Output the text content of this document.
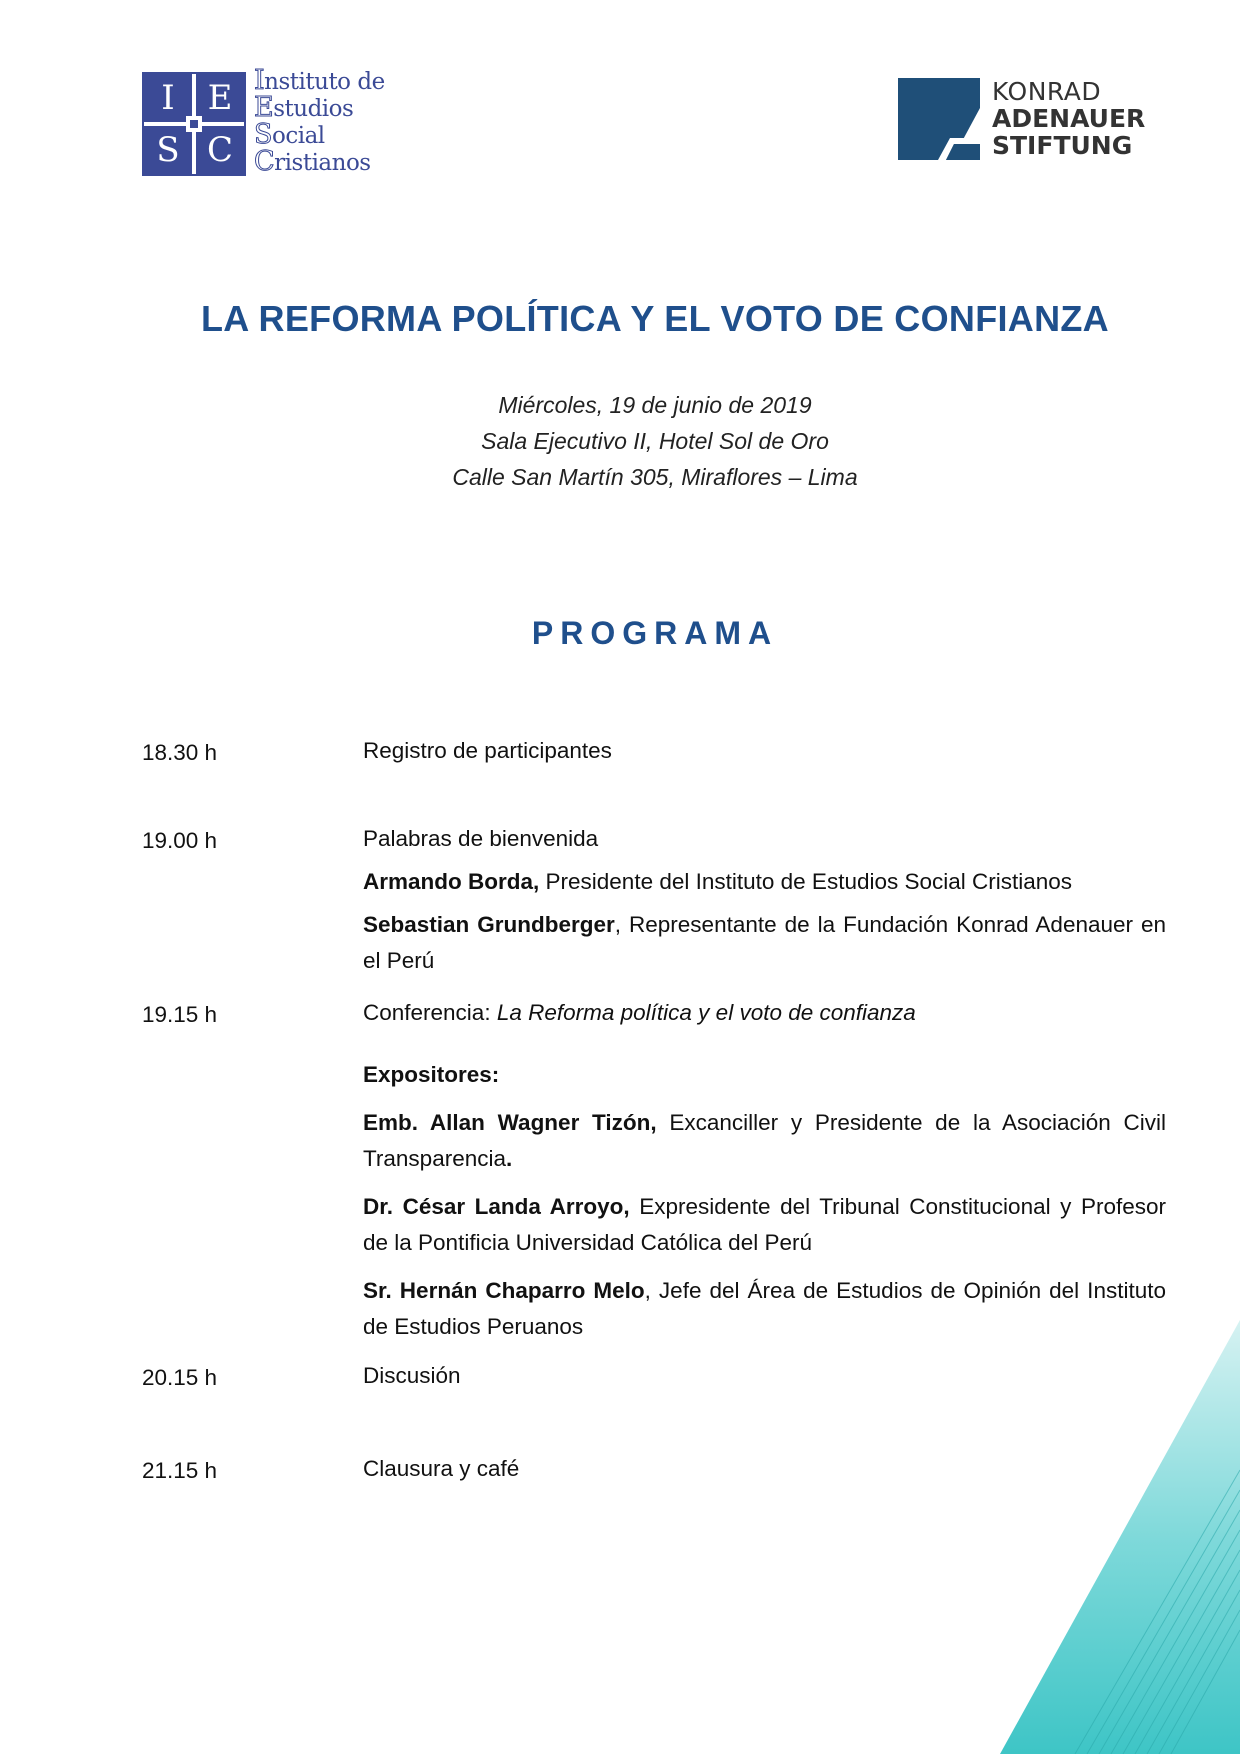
I E
S C
Instituto de
Estudios
Social
Cristianos
KONRAD
ADENAUER
STIFTUNG
LA REFORMA POLÍTICA Y EL VOTO DE CONFIANZA
Miércoles, 19 de junio de 2019
Sala Ejecutivo II, Hotel Sol de Oro
Calle San Martín 305, Miraflores – Lima
PROGRAMA
18.30 h	Registro de participantes
19.00 h	Palabras de bienvenida
Armando Borda, Presidente del Instituto de Estudios Social Cristianos
Sebastian Grundberger, Representante de la Fundación Konrad Adenauer en el Perú
19.15 h	Conferencia: La Reforma política y el voto de confianza
Expositores:
Emb. Allan Wagner Tizón, Excanciller y Presidente de la Asociación Civil Transparencia.
Dr. César Landa Arroyo, Expresidente del Tribunal Constitucional y Profesor de la Pontificia Universidad Católica del Perú
Sr. Hernán Chaparro Melo, Jefe del Área de Estudios de Opinión del Instituto de Estudios Peruanos
20.15 h	Discusión
21.15 h	Clausura y café
